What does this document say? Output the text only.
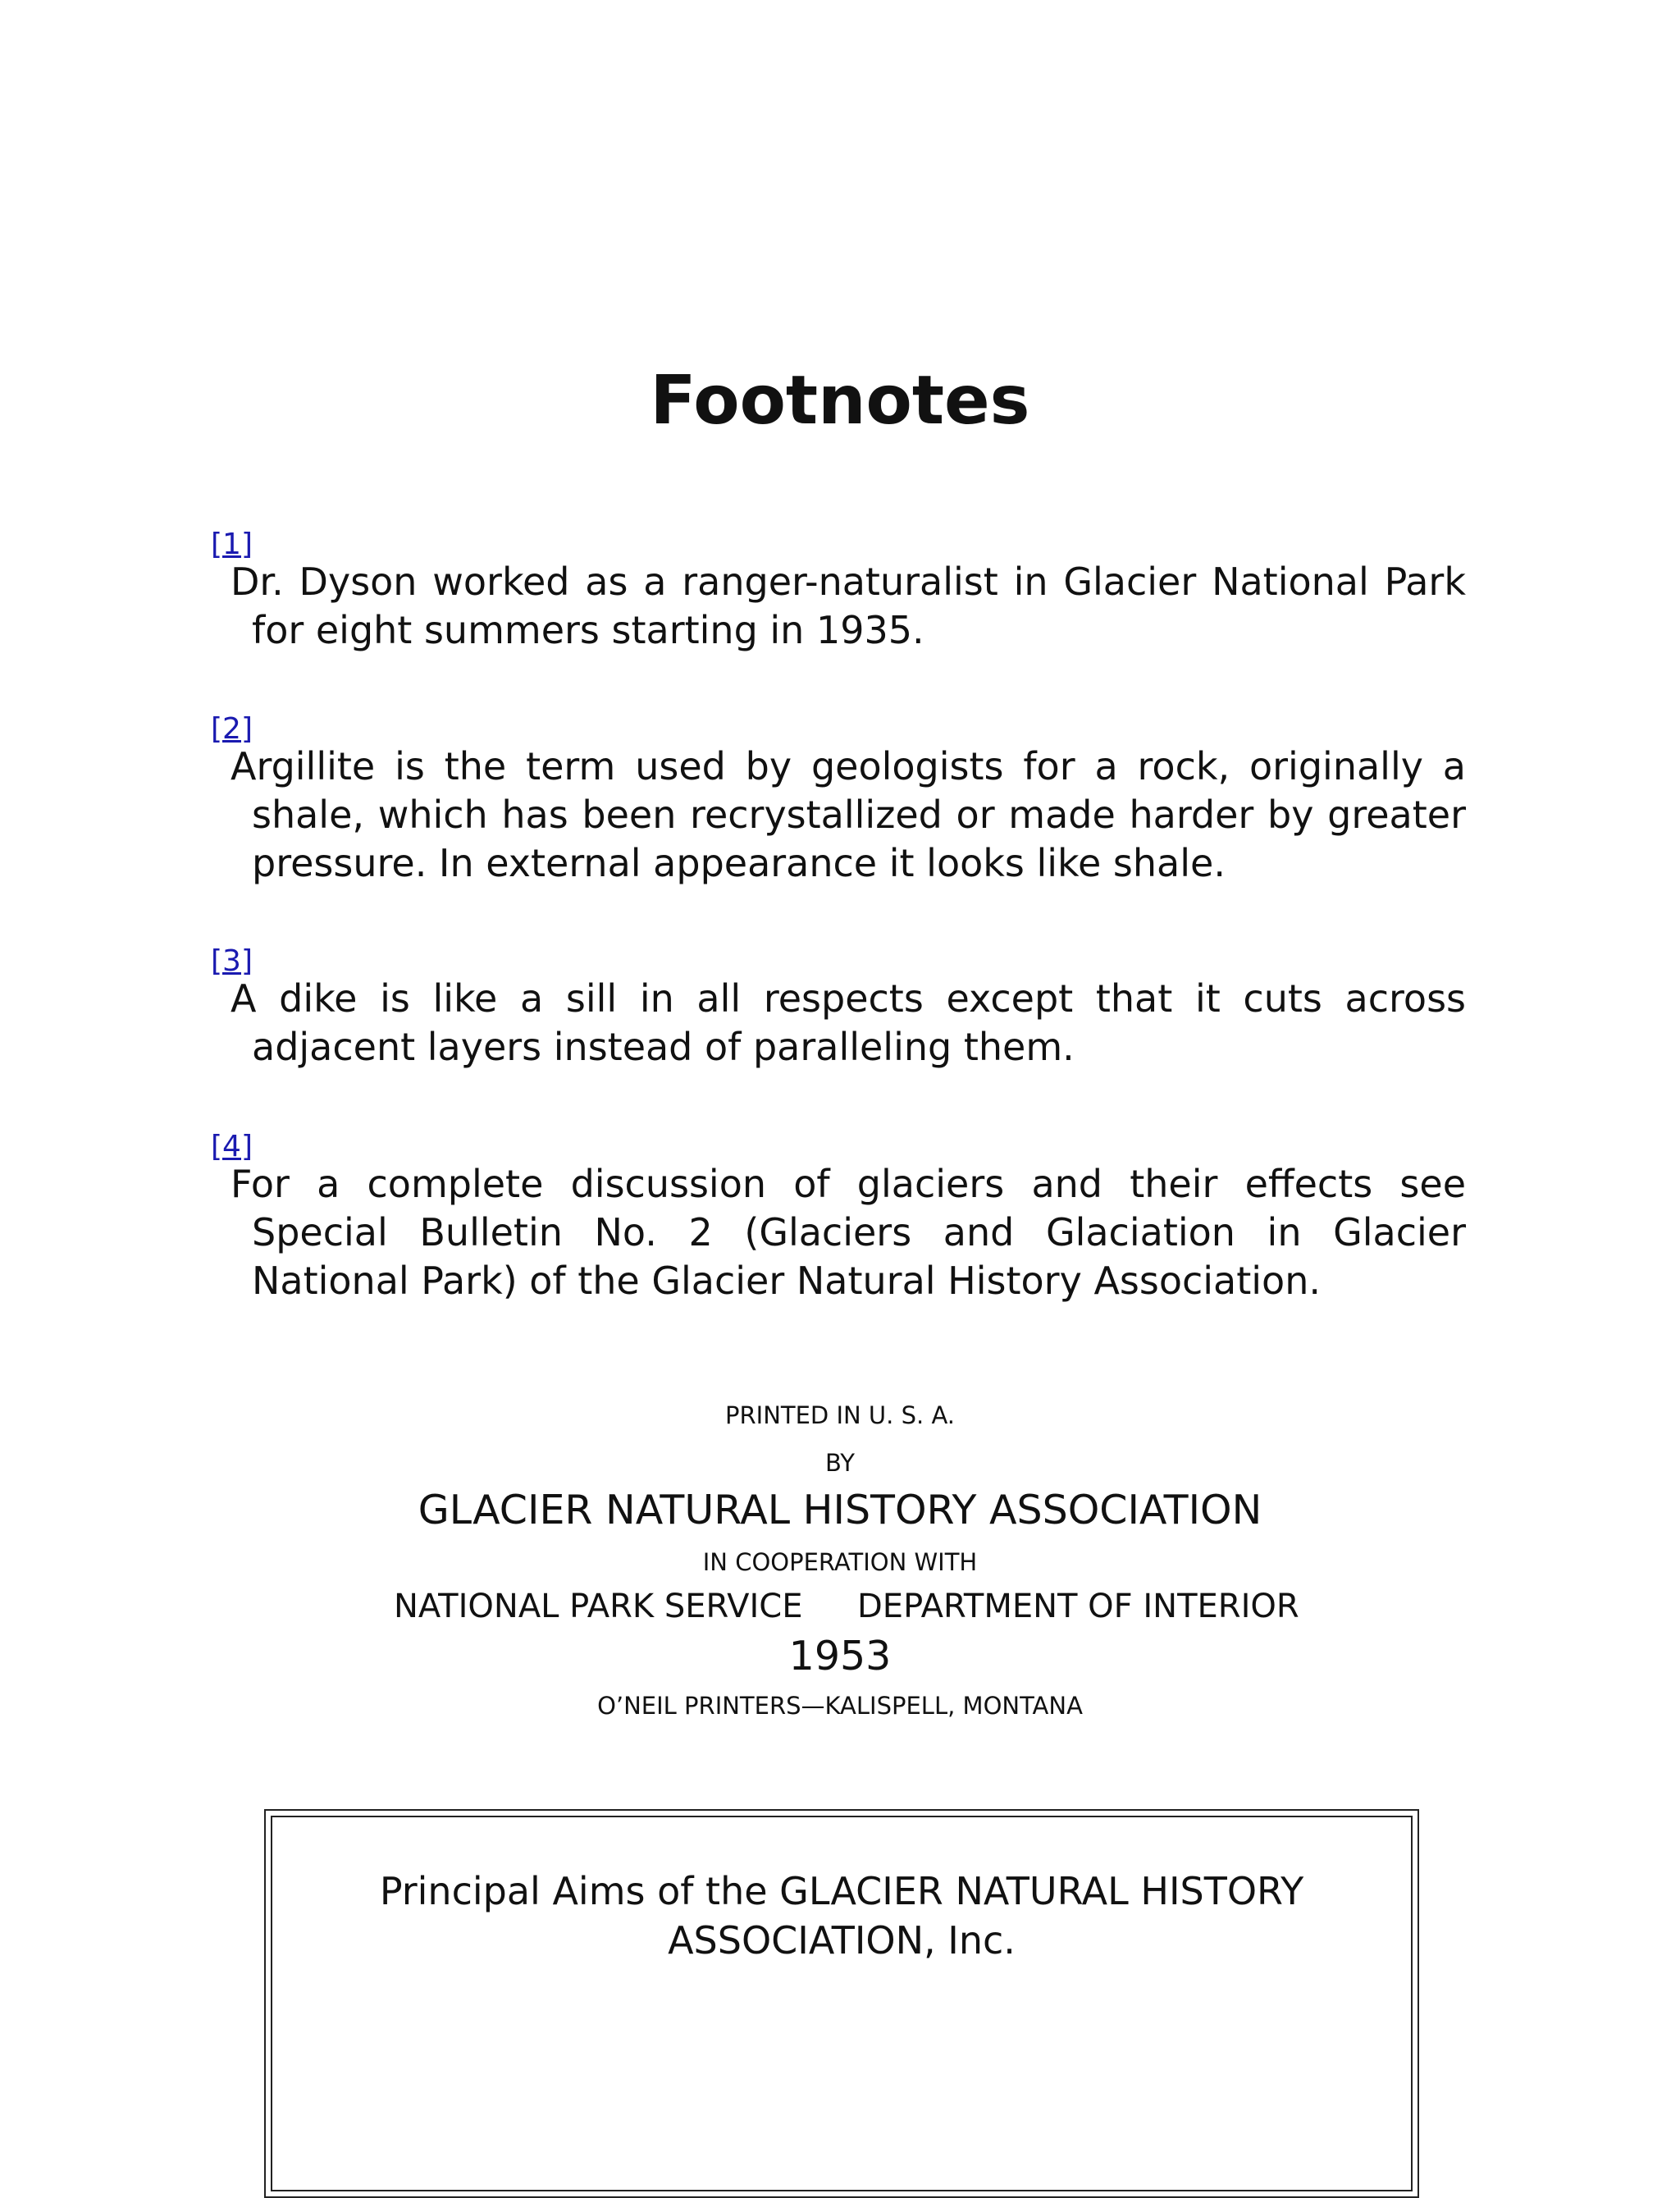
Footnotes
[1]
Dr. Dyson worked as a ranger-naturalist in Glacier National Park for eight summers starting in 1935.
[2]
Argillite is the term used by geologists for a rock, originally a shale, which has been recrystallized or made harder by greater pressure. In external appearance it looks like shale.
[3]
A dike is like a sill in all respects except that it cuts across adjacent layers instead of paralleling them.
[4]
For a complete discussion of glaciers and their effects see Special Bulletin No. 2 (Glaciers and Glaciation in Glacier National Park) of the Glacier Natural History Association.
PRINTED IN U. S. A.
BY
GLACIER NATURAL HISTORY ASSOCIATION
IN COOPERATION WITH
NATIONAL PARK SERVICE DEPARTMENT OF INTERIOR
1953
O’NEIL PRINTERS—KALISPELL, MONTANA
Principal Aims of the GLACIER NATURAL HISTORY ASSOCIATION, Inc.
